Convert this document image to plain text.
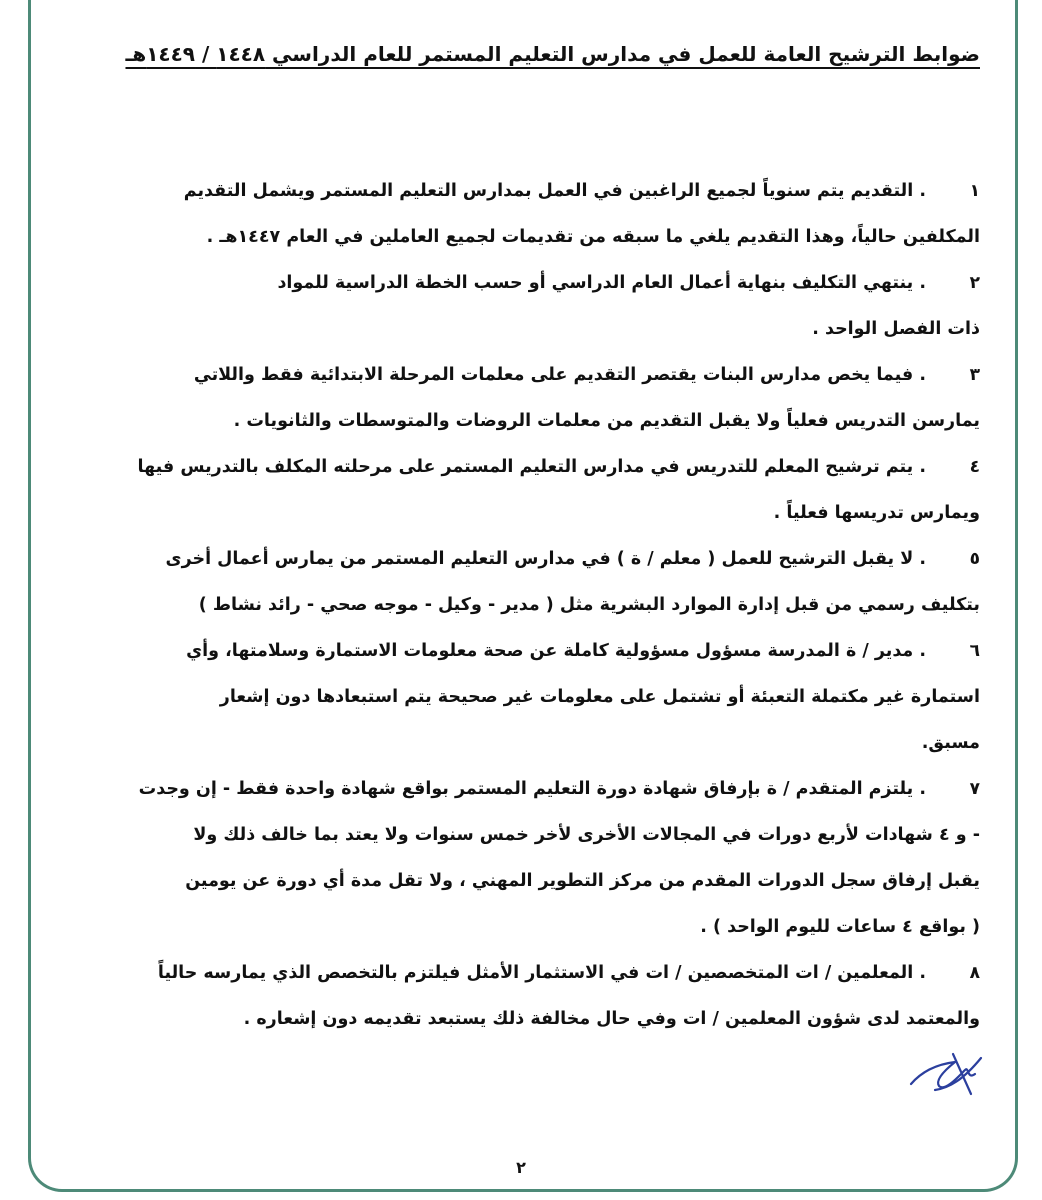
ضوابط الترشيح العامة للعمل في مدارس التعليم المستمر للعام الدراسي ١٤٤٨ / ١٤٤٩هـ
١
. التقديم يتم سنوياً لجميع الراغبين في العمل بمدارس التعليم المستمر ويشمل التقديم
المكلفين حالياً، وهذا التقديم يلغي ما سبقه من تقديمات لجميع العاملين في العام ١٤٤٧هـ .
٢
. ينتهي التكليف بنهاية أعمال العام الدراسي أو حسب الخطة الدراسية للمواد
ذات الفصل الواحد .
٣
. فيما يخص مدارس البنات يقتصر التقديم على معلمات المرحلة الابتدائية فقط واللاتي
يمارسن التدريس فعلياً ولا يقبل التقديم من معلمات الروضات والمتوسطات والثانويات .
٤
. يتم ترشيح المعلم للتدريس في مدارس التعليم المستمر على مرحلته المكلف بالتدريس فيها
ويمارس تدريسها فعلياً .
٥
. لا يقبل الترشيح للعمل ( معلم / ة ) في مدارس التعليم المستمر من يمارس أعمال أخرى
بتكليف رسمي من قبل إدارة الموارد البشرية مثل ( مدير - وكيل - موجه صحي - رائد نشاط )
٦
. مدير / ة المدرسة مسؤول مسؤولية كاملة عن صحة معلومات الاستمارة وسلامتها، وأي
استمارة غير مكتملة التعبئة أو تشتمل على معلومات غير صحيحة يتم استبعادها دون إشعار
مسبق.
٧
. يلتزم المتقدم / ة بإرفاق شهادة دورة التعليم المستمر بواقع شهادة واحدة فقط - إن وجدت
- و ٤ شهادات لأربع دورات في المجالات الأخرى لأخر خمس سنوات ولا يعتد بما خالف ذلك ولا
يقبل إرفاق سجل الدورات المقدم من مركز التطوير المهني ، ولا تقل مدة أي دورة عن يومين
( بواقع ٤ ساعات لليوم الواحد ) .
٨
. المعلمين / ات المتخصصين / ات في الاستثمار الأمثل فيلتزم بالتخصص الذي يمارسه حالياً
والمعتمد لدى شؤون المعلمين / ات وفي حال مخالفة ذلك يستبعد تقديمه دون إشعاره .
٢
